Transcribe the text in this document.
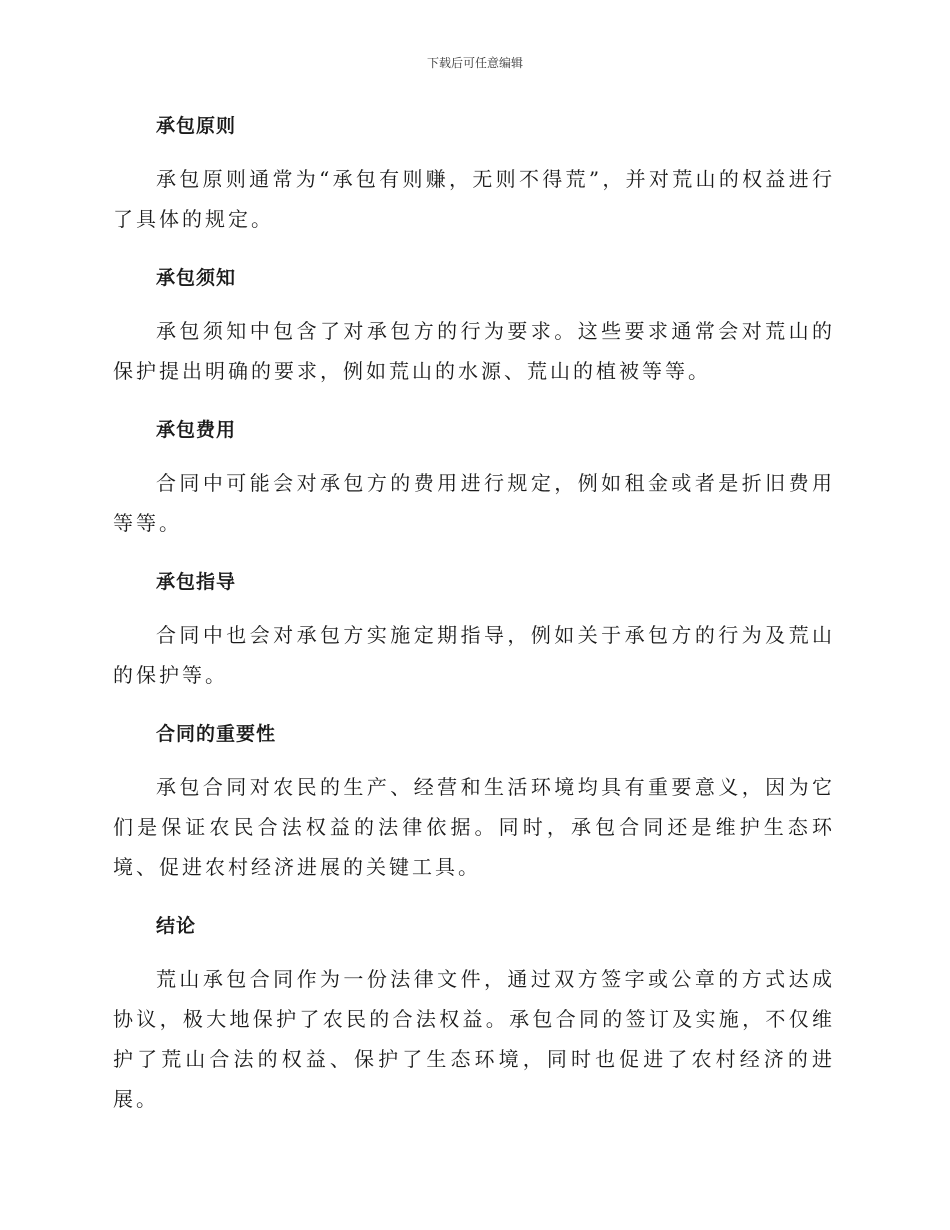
下载后可任意编辑

承包原则

承包原则通常为“承包有则赚，无则不得荒”，并对荒山的权益进行了具体的规定。

承包须知

承包须知中包含了对承包方的行为要求。这些要求通常会对荒山的保护提出明确的要求，例如荒山的水源、荒山的植被等等。

承包费用

合同中可能会对承包方的费用进行规定，例如租金或者是折旧费用等等。

承包指导

合同中也会对承包方实施定期指导，例如关于承包方的行为及荒山的保护等。

合同的重要性

承包合同对农民的生产、经营和生活环境均具有重要意义，因为它们是保证农民合法权益的法律依据。同时，承包合同还是维护生态环境、促进农村经济进展的关键工具。

结论

荒山承包合同作为一份法律文件，通过双方签字或公章的方式达成协议，极大地保护了农民的合法权益。承包合同的签订及实施，不仅维护了荒山合法的权益、保护了生态环境，同时也促进了农村经济的进展。
